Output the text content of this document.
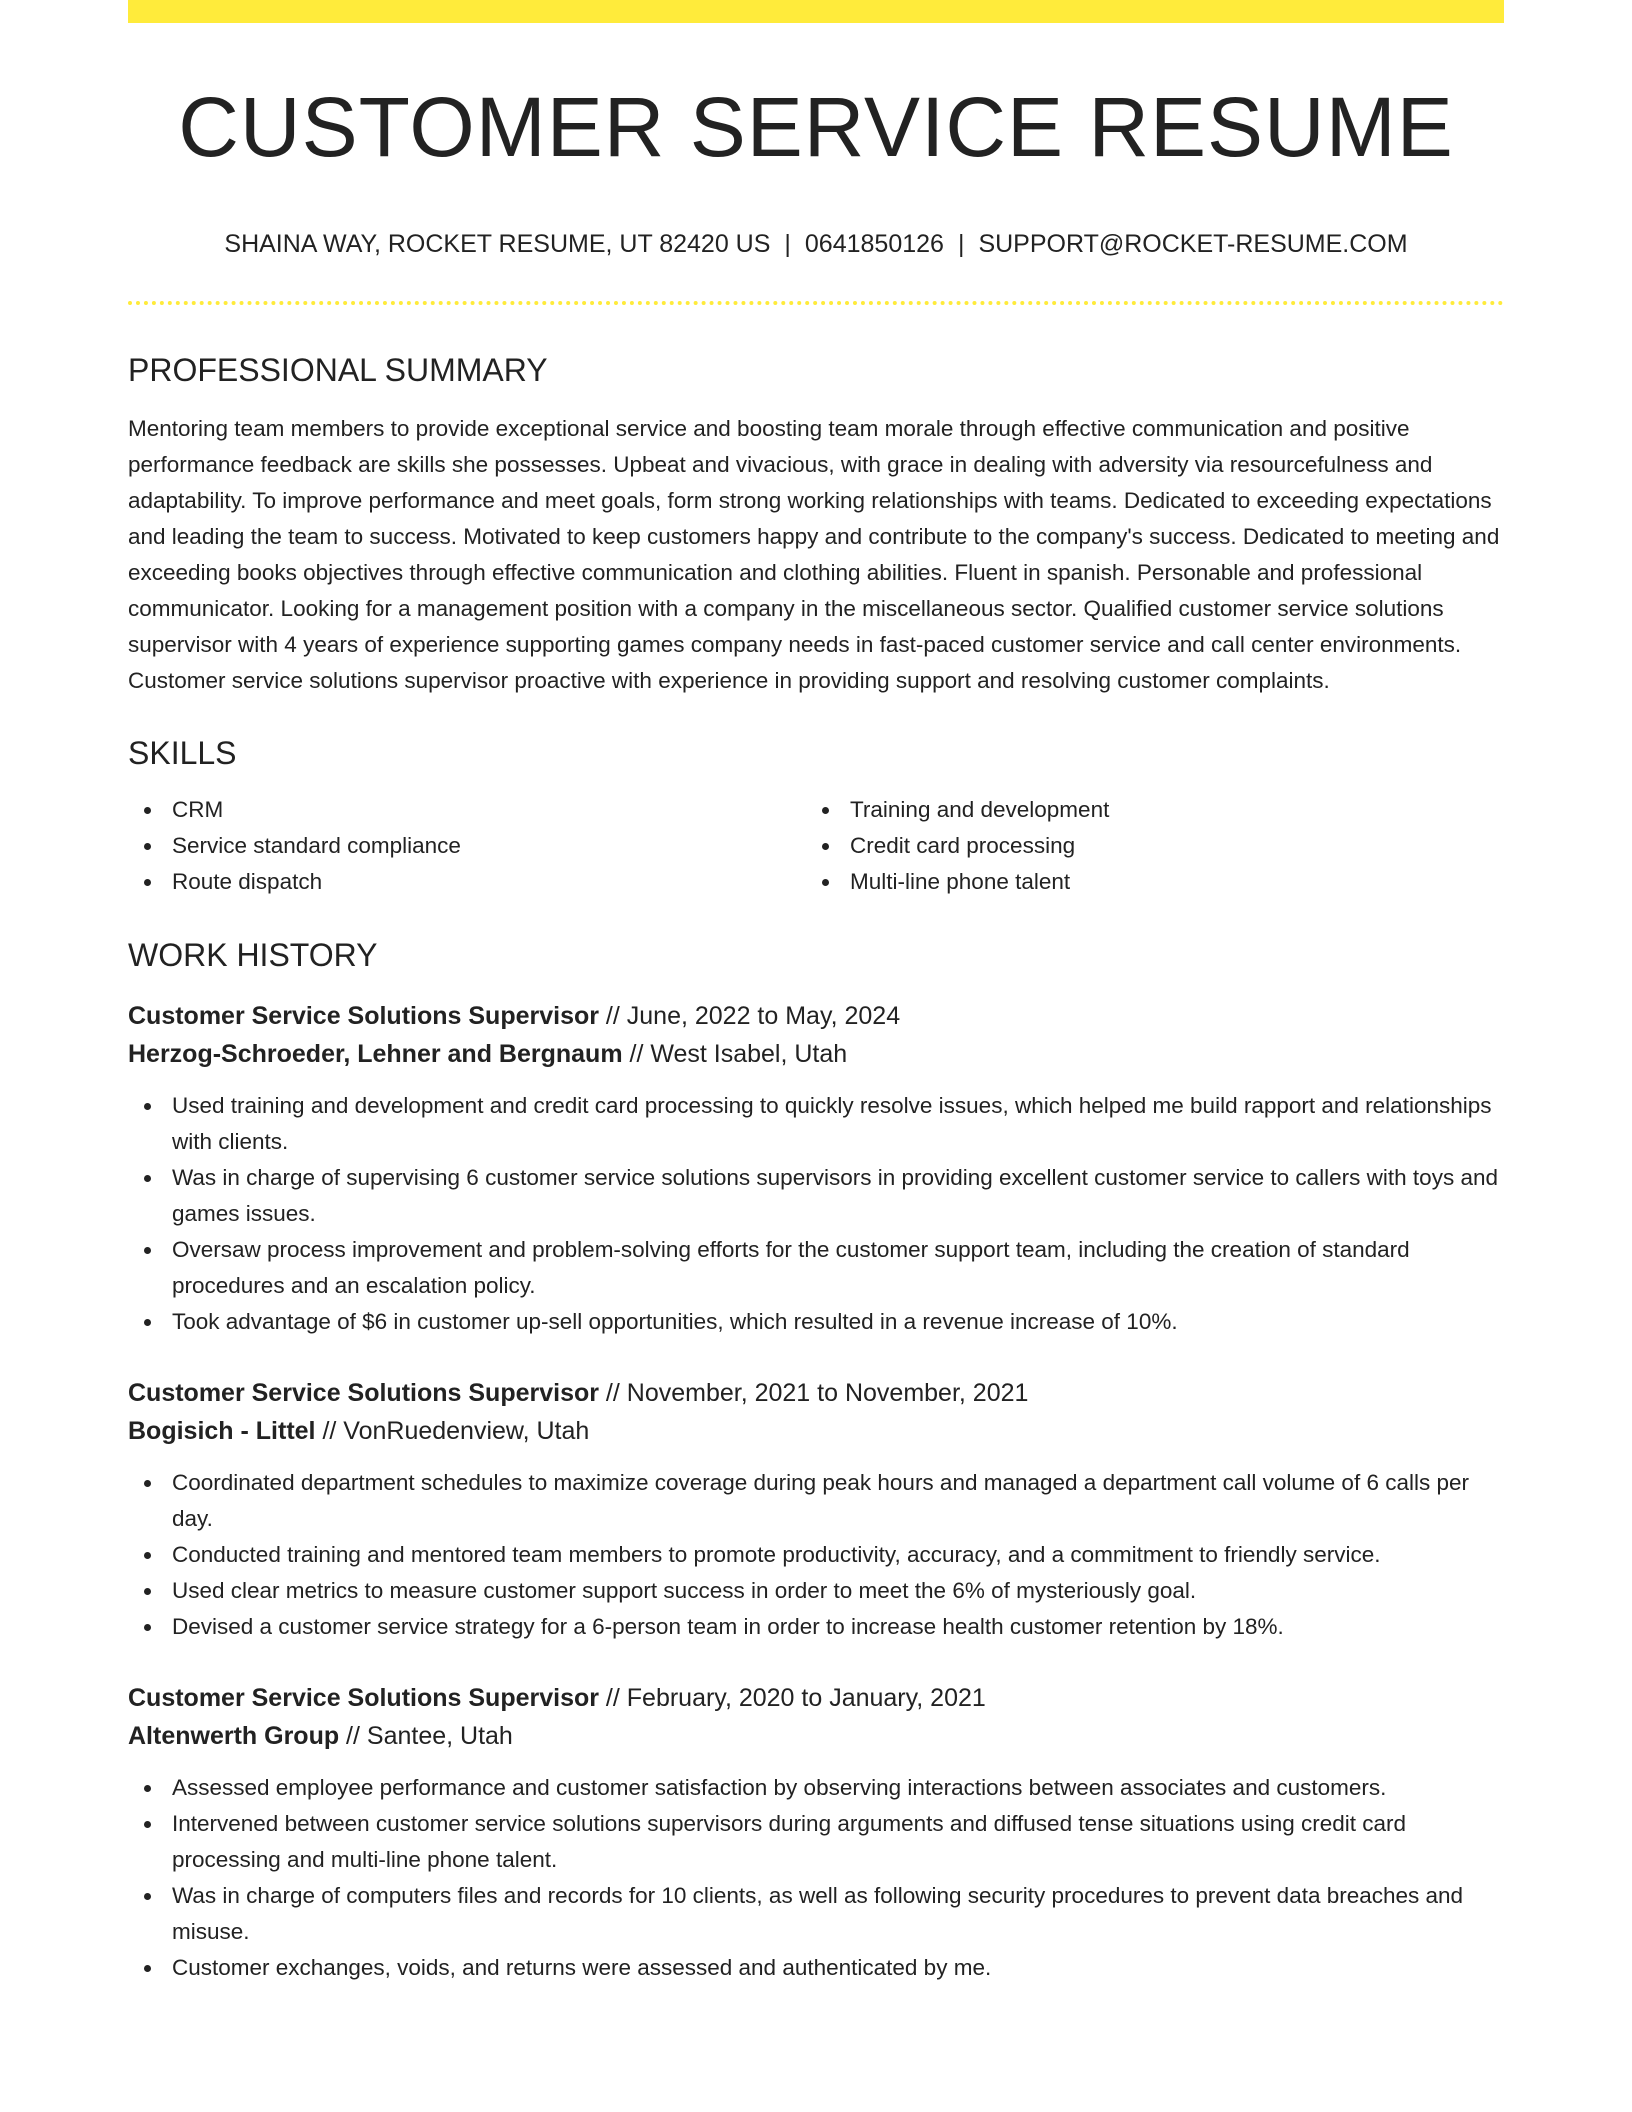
CUSTOMER SERVICE RESUME
SHAINA WAY, ROCKET RESUME, UT 82420 US | 0641850126 | SUPPORT@ROCKET-RESUME.COM
PROFESSIONAL SUMMARY

Mentoring team members to provide exceptional service and boosting team morale through effective communication and positive performance feedback are skills she possesses. Upbeat and vivacious, with grace in dealing with adversity via resourcefulness and adaptability. To improve performance and meet goals, form strong working relationships with teams. Dedicated to exceeding expectations and leading the team to success. Motivated to keep customers happy and contribute to the company's success. Dedicated to meeting and exceeding books objectives through effective communication and clothing abilities. Fluent in spanish. Personable and professional communicator. Looking for a management position with a company in the miscellaneous sector. Qualified customer service solutions supervisor with 4 years of experience supporting games company needs in fast-paced customer service and call center environments. Customer service solutions supervisor proactive with experience in providing support and resolving customer complaints.

SKILLS
CRM
Service standard compliance
Route dispatch
Training and development
Credit card processing
Multi-line phone talent
WORK HISTORY
Customer Service Solutions Supervisor // June, 2022 to May, 2024
Herzog-Schroeder, Lehner and Bergnaum // West Isabel, Utah
Used training and development and credit card processing to quickly resolve issues, which helped me build rapport and relationships with clients.
Was in charge of supervising 6 customer service solutions supervisors in providing excellent customer service to callers with toys and games issues.
Oversaw process improvement and problem-solving efforts for the customer support team, including the creation of standard procedures and an escalation policy.
Took advantage of $6 in customer up-sell opportunities, which resulted in a revenue increase of 10%.
Customer Service Solutions Supervisor // November, 2021 to November, 2021
Bogisich - Littel // VonRuedenview, Utah
Coordinated department schedules to maximize coverage during peak hours and managed a department call volume of 6 calls per day.
Conducted training and mentored team members to promote productivity, accuracy, and a commitment to friendly service.
Used clear metrics to measure customer support success in order to meet the 6% of mysteriously goal.
Devised a customer service strategy for a 6-person team in order to increase health customer retention by 18%.
Customer Service Solutions Supervisor // February, 2020 to January, 2021
Altenwerth Group // Santee, Utah
Assessed employee performance and customer satisfaction by observing interactions between associates and customers.
Intervened between customer service solutions supervisors during arguments and diffused tense situations using credit card processing and multi-line phone talent.
Was in charge of computers files and records for 10 clients, as well as following security procedures to prevent data breaches and misuse.
Customer exchanges, voids, and returns were assessed and authenticated by me.
